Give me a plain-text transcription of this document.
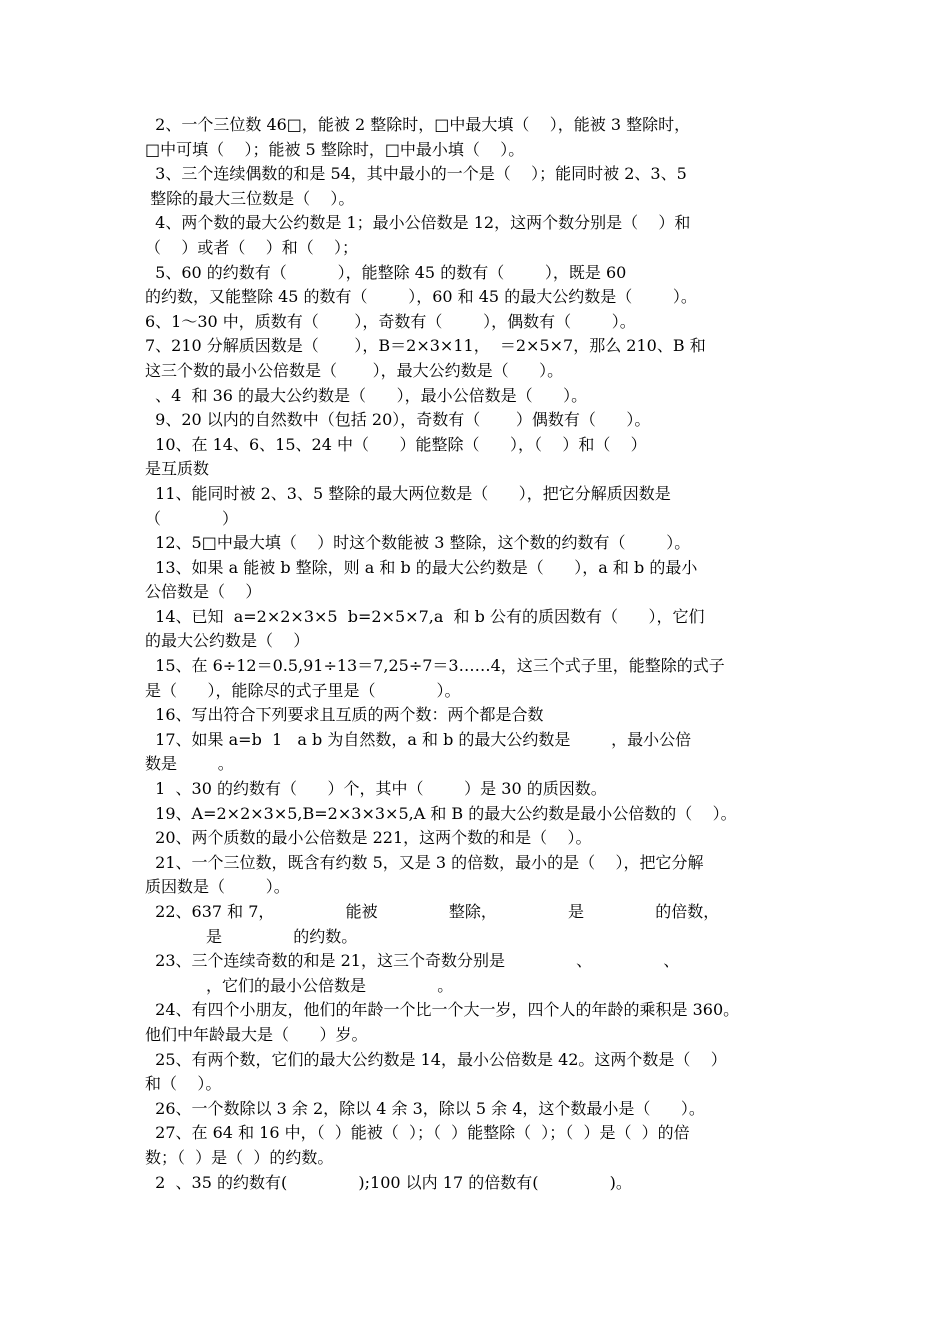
2、一个三位数 46□，能被 2 整除时，□中最大填（    ），能被 3 整除时，
□中可填（    ）；能被 5 整除时，□中最小填（    ）。
3、三个连续偶数的和是 54，其中最小的一个是（    ）；能同时被 2、3、5
整除的最大三位数是（    ）。
4、两个数的最大公约数是 1；最小公倍数是 12，这两个数分别是（    ）和
（    ）或者（    ）和（    ）；
5、60 的约数有（          ），能整除 45 的数有（        ），既是 60
的约数，又能整除 45 的数有（        ），60 和 45 的最大公约数是（        ）。
6、1～30 中，质数有（       ），奇数有（        ），偶数有（        ）。
7、210 分解质因数是（       ），B＝2×3×11，  ＝2×5×7，那么 210、B 和
这三个数的最小公倍数是（       ），最大公约数是（      ）。
、4  和 36 的最大公约数是（      ），最小公倍数是（      ）。
9、20 以内的自然数中（包括 20），奇数有（       ）偶数有（      ）。
10、在 14、6、15、24 中（      ）能整除（      ），（    ）和（    ）
是互质数
11、能同时被 2、3、5 整除的最大两位数是（      ），把它分解质因数是
（            ）
12、5□中最大填（    ）时这个数能被 3 整除，这个数的约数有（        ）。
13、如果 a 能被 b 整除，则 a 和 b 的最大公约数是（      ），a 和 b 的最小
公倍数是（    ）
14、已知  a=2×2×3×5  b=2×5×7,a  和 b 公有的质因数有（      ），它们
的最大公约数是（    ）
15、在 6÷12＝0.5,91÷13＝7,25÷7＝3……4，这三个式子里，能整除的式子
是（      ），能除尽的式子里是（            ）。
16、写出符合下列要求且互质的两个数：两个都是合数
17、如果 a=b  1   a b 为自然数，a 和 b 的最大公约数是        ，最小公倍
数是        。
1  、30 的约数有（      ）个，其中（        ）是 30 的质因数。
19、A=2×2×3×5,B=2×3×3×5,A 和 B 的最大公约数是最小公倍数的（    ）。
20、两个质数的最小公倍数是 221，这两个数的和是（    ）。
21、一个三位数，既含有约数 5，又是 3 的倍数，最小的是（    ），把它分解
质因数是（        ）。
22、637 和 7，              能被              整除，              是              的倍数，
是              的约数。
23、三个连续奇数的和是 21，这三个奇数分别是              、              、
，它们的最小公倍数是              。
24、有四个小朋友，他们的年龄一个比一个大一岁，四个人的年龄的乘积是 360。
他们中年龄最大是（      ）岁。
25、有两个数，它们的最大公约数是 14，最小公倍数是 42。这两个数是（    ）
和（    ）。
26、一个数除以 3 余 2，除以 4 余 3，除以 5 余 4，这个数最小是（      ）。
27、在 64 和 16 中，（  ）能被（  ）；（  ）能整除（  ）；（  ）是（  ）的倍
数；（  ）是（  ）的约数。
2  、35 的约数有(              );100 以内 17 的倍数有(              )。
